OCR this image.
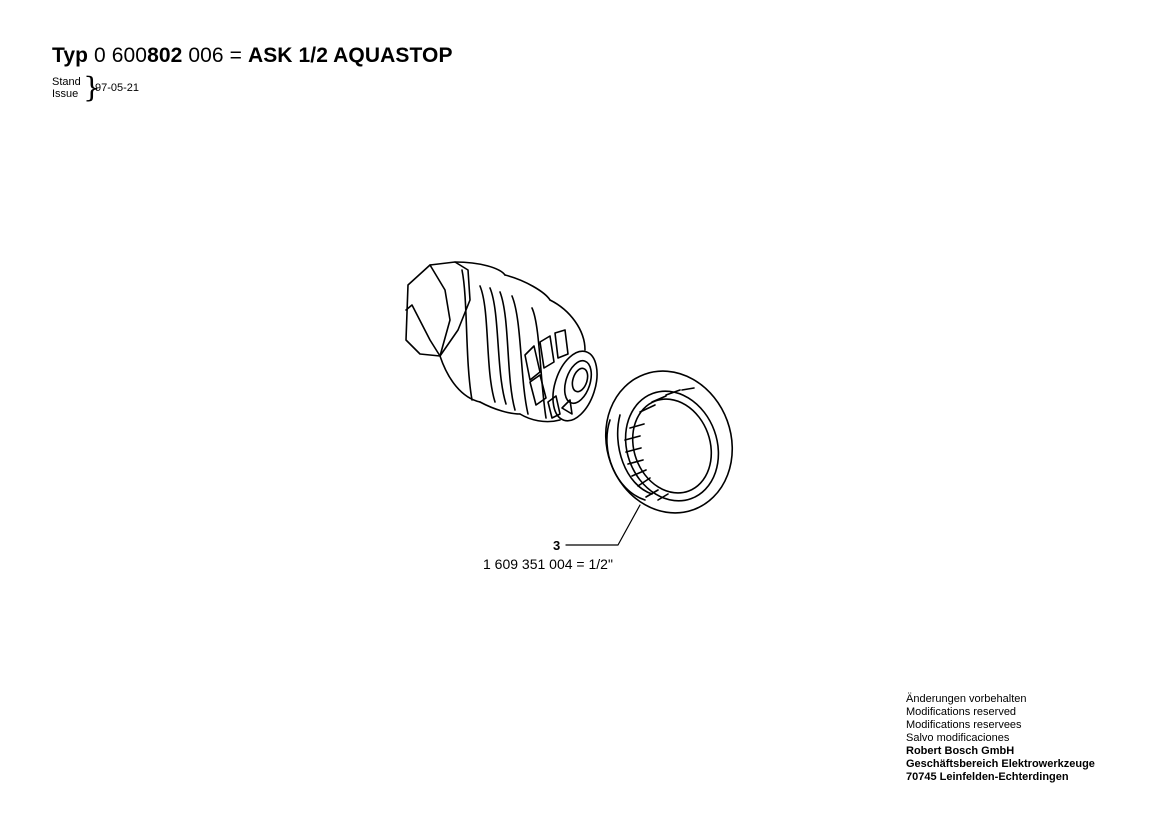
Typ 0 600802 006 = ASK 1/2 AQUASTOP
Stand
Issue }
97-05-21
3
1 609 351 004 = 1/2"
Änderungen vorbehalten
Modifications reserved
Modifications reservees
Salvo modificaciones
Robert Bosch GmbH
Geschäftsbereich Elektrowerkzeuge
70745 Leinfelden-Echterdingen
